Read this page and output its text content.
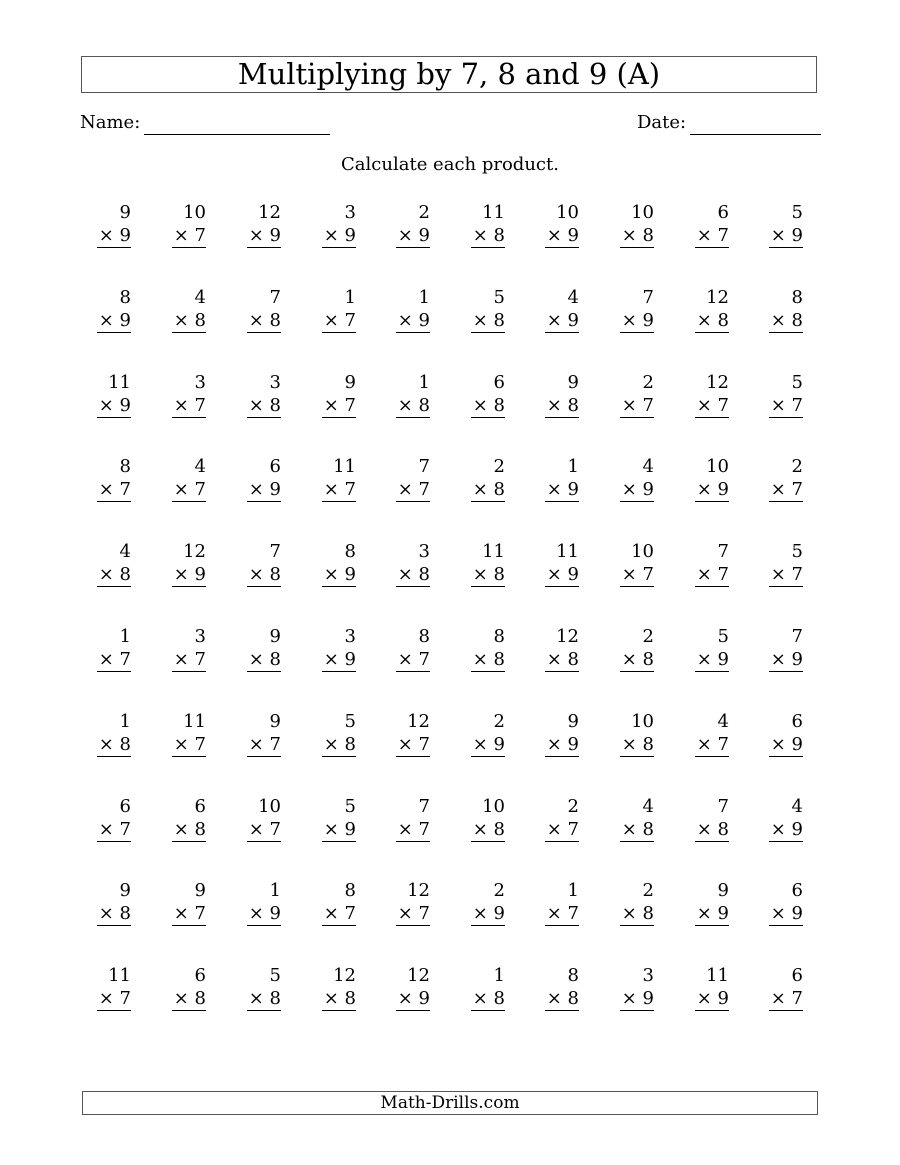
Multiplying by 7, 8 and 9 (A)
Name:	Date:
Calculate each product.
9
× 9
10
× 7
12
× 9
3
× 9
2
× 9
11
× 8
10
× 9
10
× 8
6
× 7
5
× 9
8
× 9
4
× 8
7
× 8
1
× 7
1
× 9
5
× 8
4
× 9
7
× 9
12
× 8
8
× 8
11
× 9
3
× 7
3
× 8
9
× 7
1
× 8
6
× 8
9
× 8
2
× 7
12
× 7
5
× 7
8
× 7
4
× 7
6
× 9
11
× 7
7
× 7
2
× 8
1
× 9
4
× 9
10
× 9
2
× 7
4
× 8
12
× 9
7
× 8
8
× 9
3
× 8
11
× 8
11
× 9
10
× 7
7
× 7
5
× 7
1
× 7
3
× 7
9
× 8
3
× 9
8
× 7
8
× 8
12
× 8
2
× 8
5
× 9
7
× 9
1
× 8
11
× 7
9
× 7
5
× 8
12
× 7
2
× 9
9
× 9
10
× 8
4
× 7
6
× 9
6
× 7
6
× 8
10
× 7
5
× 9
7
× 7
10
× 8
2
× 7
4
× 8
7
× 8
4
× 9
9
× 8
9
× 7
1
× 9
8
× 7
12
× 7
2
× 9
1
× 7
2
× 8
9
× 9
6
× 9
11
× 7
6
× 8
5
× 8
12
× 8
12
× 9
1
× 8
8
× 8
3
× 9
11
× 9
6
× 7
Math-Drills.com
